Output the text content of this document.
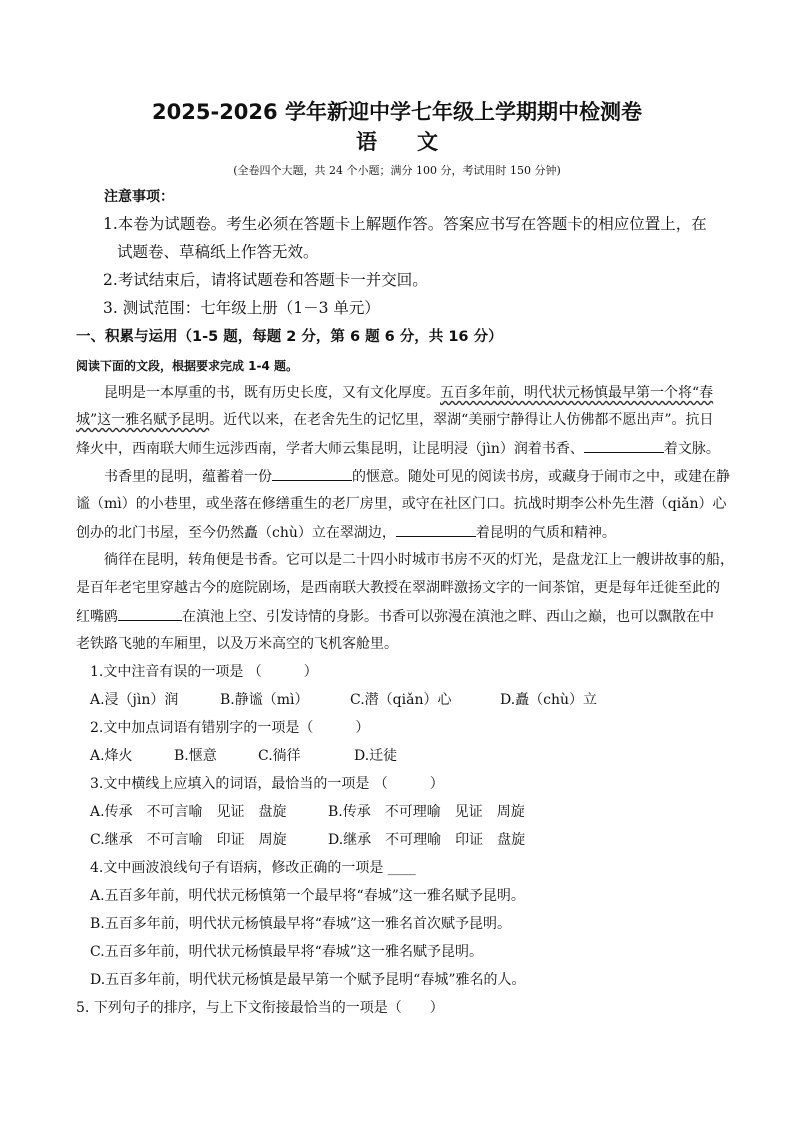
2025-2026 学年新迎中学七年级上学期期中检测卷
语 文
(全卷四个大题，共 24 个小题；满分 100 分，考试用时 150 分钟)
注意事项：
1.本卷为试题卷。考生必须在答题卡上解题作答。答案应书写在答题卡的相应位置上，在
试题卷、草稿纸上作答无效。
2.考试结束后，请将试题卷和答题卡一并交回。
3. 测试范围：七年级上册（1－3 单元）
一、积累与运用（1-5 题，每题 2 分，第 6 题 6 分，共 16 分）
阅读下面的文段，根据要求完成 1-4 题。
昆明是一本厚重的书，既有历史长度，又有文化厚度。五百多年前，明代状元杨慎最早第一个将“春
城”这一雅名赋予昆明。近代以来，在老舍先生的记忆里，翠湖“美丽宁静得让人仿佛都不愿出声”。抗日
烽火中，西南联大师生远涉西南，学者大师云集昆明，让昆明浸（jìn）润着书香、	着文脉。
书香里的昆明，蕴蓄着一份	的惬意。随处可见的阅读书房，或藏身于闹市之中，或建在静
谧（mì）的小巷里，或坐落在修缮重生的老厂房里，或守在社区门口。抗战时期李公朴先生潜（qiǎn）心
创办的北门书屋，至今仍然矗（chù）立在翠湖边，	着昆明的气质和精神。
徜徉在昆明，转角便是书香。它可以是二十四小时城市书房不灭的灯光，是盘龙江上一艘讲故事的船，
是百年老宅里穿越古今的庭院剧场，是西南联大教授在翠湖畔激扬文字的一间茶馆，更是每年迁徙至此的
红嘴鸥	在滇池上空、引发诗情的身影。书香可以弥漫在滇池之畔、西山之巅，也可以飘散在中
老铁路飞驰的车厢里，以及万米高空的飞机客舱里。
1.文中注音有误的一项是 （　　　）
A.浸（jìn）润	B.静谧（mì）	C.潜（qiǎn）心	D.矗（chù）立
2.文中加点词语有错别字的一项是（　　　）
A.烽火	B.惬意	C.徜徉	D.迁徒
3.文中横线上应填入的词语，最恰当的一项是 （　　　）
A.传承　不可言喻　见证　盘旋	B.传承　不可理喻　见证　周旋
C.继承　不可言喻　印证　周旋	D.继承　不可理喻　印证　盘旋
4.文中画波浪线句子有语病，修改正确的一项是 ____
A.五百多年前，明代状元杨慎第一个最早将“春城”这一雅名赋予昆明。
B.五百多年前，明代状元杨慎最早将“春城”这一雅名首次赋予昆明。
C.五百多年前，明代状元杨慎最早将“春城”这一雅名赋予昆明。
D.五百多年前，明代状元杨慎是最早第一个赋予昆明“春城”雅名的人。
5. 下列句子的排序，与上下文衔接最恰当的一项是（　　）
